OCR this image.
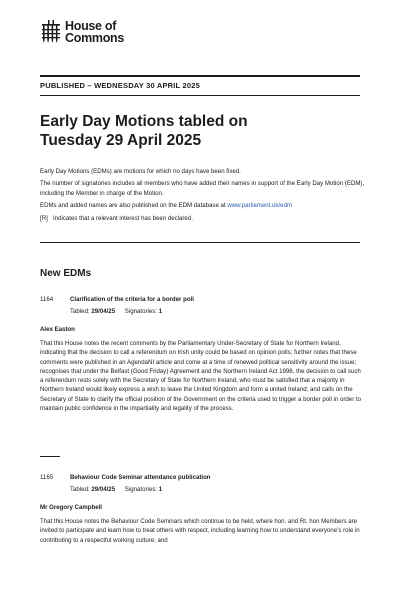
House of
Commons
PUBLISHED – WEDNESDAY 30 APRIL 2025
Early Day Motions tabled on
Tuesday 29 April 2025

Early Day Motions (EDMs) are motions for which no days have been fixed.

The number of signatories includes all members who have added their names in support of the Early Day Motion (EDM), including the Member in charge of the Motion.

EDMs and added names are also published on the EDM database at www.parliament.uk/edm

[R] Indicates that a relevant interest has been declared.

New EDMs
1164	Clarification of the criteria for a border poll
Tabled: 29/04/25 Signatories: 1
Alex Easton
That this House notes the recent comments by the Parliamentary Under-Secretary of State for Northern Ireland, indicating that the decision to call a referendum on Irish unity could be based on opinion polls; further notes that these comments were published in an AgendaNI article and come at a time of renewed political sensitivity around the issue; recognises that under the Belfast (Good Friday) Agreement and the Northern Ireland Act 1998, the decision to call such a referendum rests solely with the Secretary of State for Northern Ireland, who must be satisfied that a majority in Northern Ireland would likely express a wish to leave the United Kingdom and form a united Ireland; and calls on the Secretary of State to clarify the official position of the Government on the criteria used to trigger a border poll in order to maintain public confidence in the impartiality and legality of the process.
1165	Behaviour Code Seminar attendance publication
Tabled: 29/04/25 Signatories: 1
Mr Gregory Campbell
That this House notes the Behaviour Code Seminars which continue to be held, where hon. and Rt. hon Members are invited to participate and learn how to treat others with respect, including learning how to understand everyone’s role in contributing to a respectful working culture; and
